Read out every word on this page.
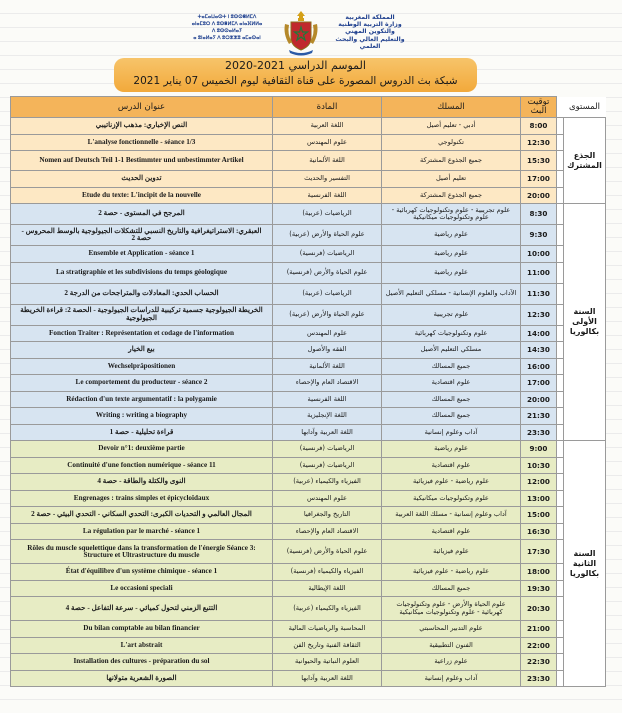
ⵜⴰⵎⴰⵡⴰⵙⵜ ⵏ ⵓⵙⵙⴻⵍⵎⴷ
ⴰⵏⴰⵎⵓⵔ ⴷ ⵓⵙⴻⵍⵎⴷ ⴰⵏⴰⴼⵍⵍⴰ
ⴷ ⵓⵙⵙⴰⵍⴰⵢ
ⴰ ⵓⵏⴰⵍⴰⵢ ⴷ ⵓⵔⵣⵣⵓ ⴰⵎⴰⵙⴰⵏ
المملكة المغربية
وزارة التربية الوطنية
والتكوين المهني
والتعليم العالي والبحث العلمي
الموسم الدراسي 2021-2020
شبكة بث الدروس المصورة على قناة الثقافية ليوم الخميس 07 يناير 2021
عنوان الدرس	المادة	المسلك	توقيت البث		المستوى
النص الإخباري: مذهب الإزناتيبي	اللغة العربية	أدبي - تعليم أصيل	8:00		الجذع المشترك
L'analyse fonctionnelle - séance 1/3	علوم المهندس	تكنولوجي	12:30		
Nomen auf Deutsch Teil 1-1 Bestimmter und unbestimmter Artikel	اللغة الألمانية	جميع الجذوع المشتركة	15:30		
تدوين الحديث	التفسير والحديث	تعليم أصيل	17:00		
Etude du texte: L'incipit de la nouvelle	اللغة الفرنسية	جميع الجذوع المشتركة	20:00		
المرجح في المستوى - حصة 2	الرياضيات (عربية)	علوم تجريبية - علوم وتكنولوجيات كهربائية - علوم وتكنولوجيات ميكانيكية	8:30		السنة الأولى بكالوريا
العبقري: الاستراتيغرافية والتاريخ النسبي للتشكلات الجيولوجية بالوسط المحروس - حصة 2	علوم الحياة والأرض (عربية)	علوم رياضية	9:30		
Ensemble et Application - séance 1	الرياضيات (فرنسية)	علوم رياضية	10:00		
La stratigraphie et les subdivisions du temps géologique	علوم الحياة والأرض (فرنسية)	علوم رياضية	11:00		
الحساب الحدي: المعادلات والمتراجحات من الدرجة 2	الرياضيات (عربية)	الآداب والعلوم الإنسانية - مسلكي التعليم الأصيل	11:30		
الخريطة الجيولوجية جسمية تركيبية للدراسات الجيولوجية - الحصة 2: قراءة الخريطة الجيولوجية	علوم الحياة والأرض (عربية)	علوم تجريبية	12:30		
Fonction Traiter : Représentation et codage de l'information	علوم المهندس	علوم وتكنولوجيات كهربائية	14:00		
بيع الخيار	الفقه والأصول	مسلكي التعليم الأصيل	14:30		
Wechselpräpositionen	اللغة الألمانية	جميع المسالك	16:00		
Le comportement du producteur - séance 2	الاقتصاد العام والإحصاء	علوم اقتصادية	17:00		
Rédaction d'un texte argumentatif : la polygamie	اللغة الفرنسية	جميع المسالك	20:00		
Writing : writing a biography	اللغة الإنجليزية	جميع المسالك	21:30		
قراءة تحليلية - حصة 1	اللغة العربية وآدابها	آداب وعلوم إنسانية	23:30		
Devoir n°1: deuxième partie	الرياضيات (فرنسية)	علوم رياضية	9:00		السنة الثانية بكالوريا
Continuité d'une fonction numérique - séance 11	الرياضيات (فرنسية)	علوم اقتصادية	10:30		
النوى والكتلة والطاقة - حصة 4	الفيزياء والكيمياء (عربية)	علوم رياضية - علوم فيزيائية	12:00		
Engrenages : trains simples et épicycloïdaux	علوم المهندس	علوم وتكنولوجيات ميكانيكية	13:00		
المجال العالمي و التحديات الكبرى: التحدي السكاني - التحدي البيئي - حصة 2	التاريخ والجغرافيا	آداب وعلوم إنسانية - مسلك اللغة العربية	15:00		
La régulation par le marché - séance 1	الاقتصاد العام والإحصاء	علوم اقتصادية	16:30		
Rôles du muscle squelettique dans la transformation de l'énergie Séance 3: Structure et Ultrastructure du muscle	علوم الحياة والأرض (فرنسية)	علوم فيزيائية	17:30		
État d'équilibre d'un système chimique - séance 1	الفيزياء والكيمياء (فرنسية)	علوم رياضية - علوم فيزيائية	18:00		
Le occasioni speciali	اللغة الإيطالية	جميع المسالك	19:30		
التتبع الزمني لتحول كميائي - سرعة التفاعل - حصة 4	الفيزياء والكيمياء (عربية)	علوم الحياة والأرض - علوم وتكنولوجيات كهربائية - علوم وتكنولوجيات ميكانيكية	20:30		
Du bilan comptable au bilan financier	المحاسبة والرياضيات المالية	علوم التدبير المحاسبتي	21:00		
L'art abstrait	الثقافة الفنية وتاريخ الفن	الفنون التطبيقية	22:00		
Installation des cultures - préparation du sol	العلوم النباتية والحيوانية	علوم زراعية	22:30		
الصورة الشعرية متولانها	اللغة العربية وآدابها	آداب وعلوم إنسانية	23:30		
